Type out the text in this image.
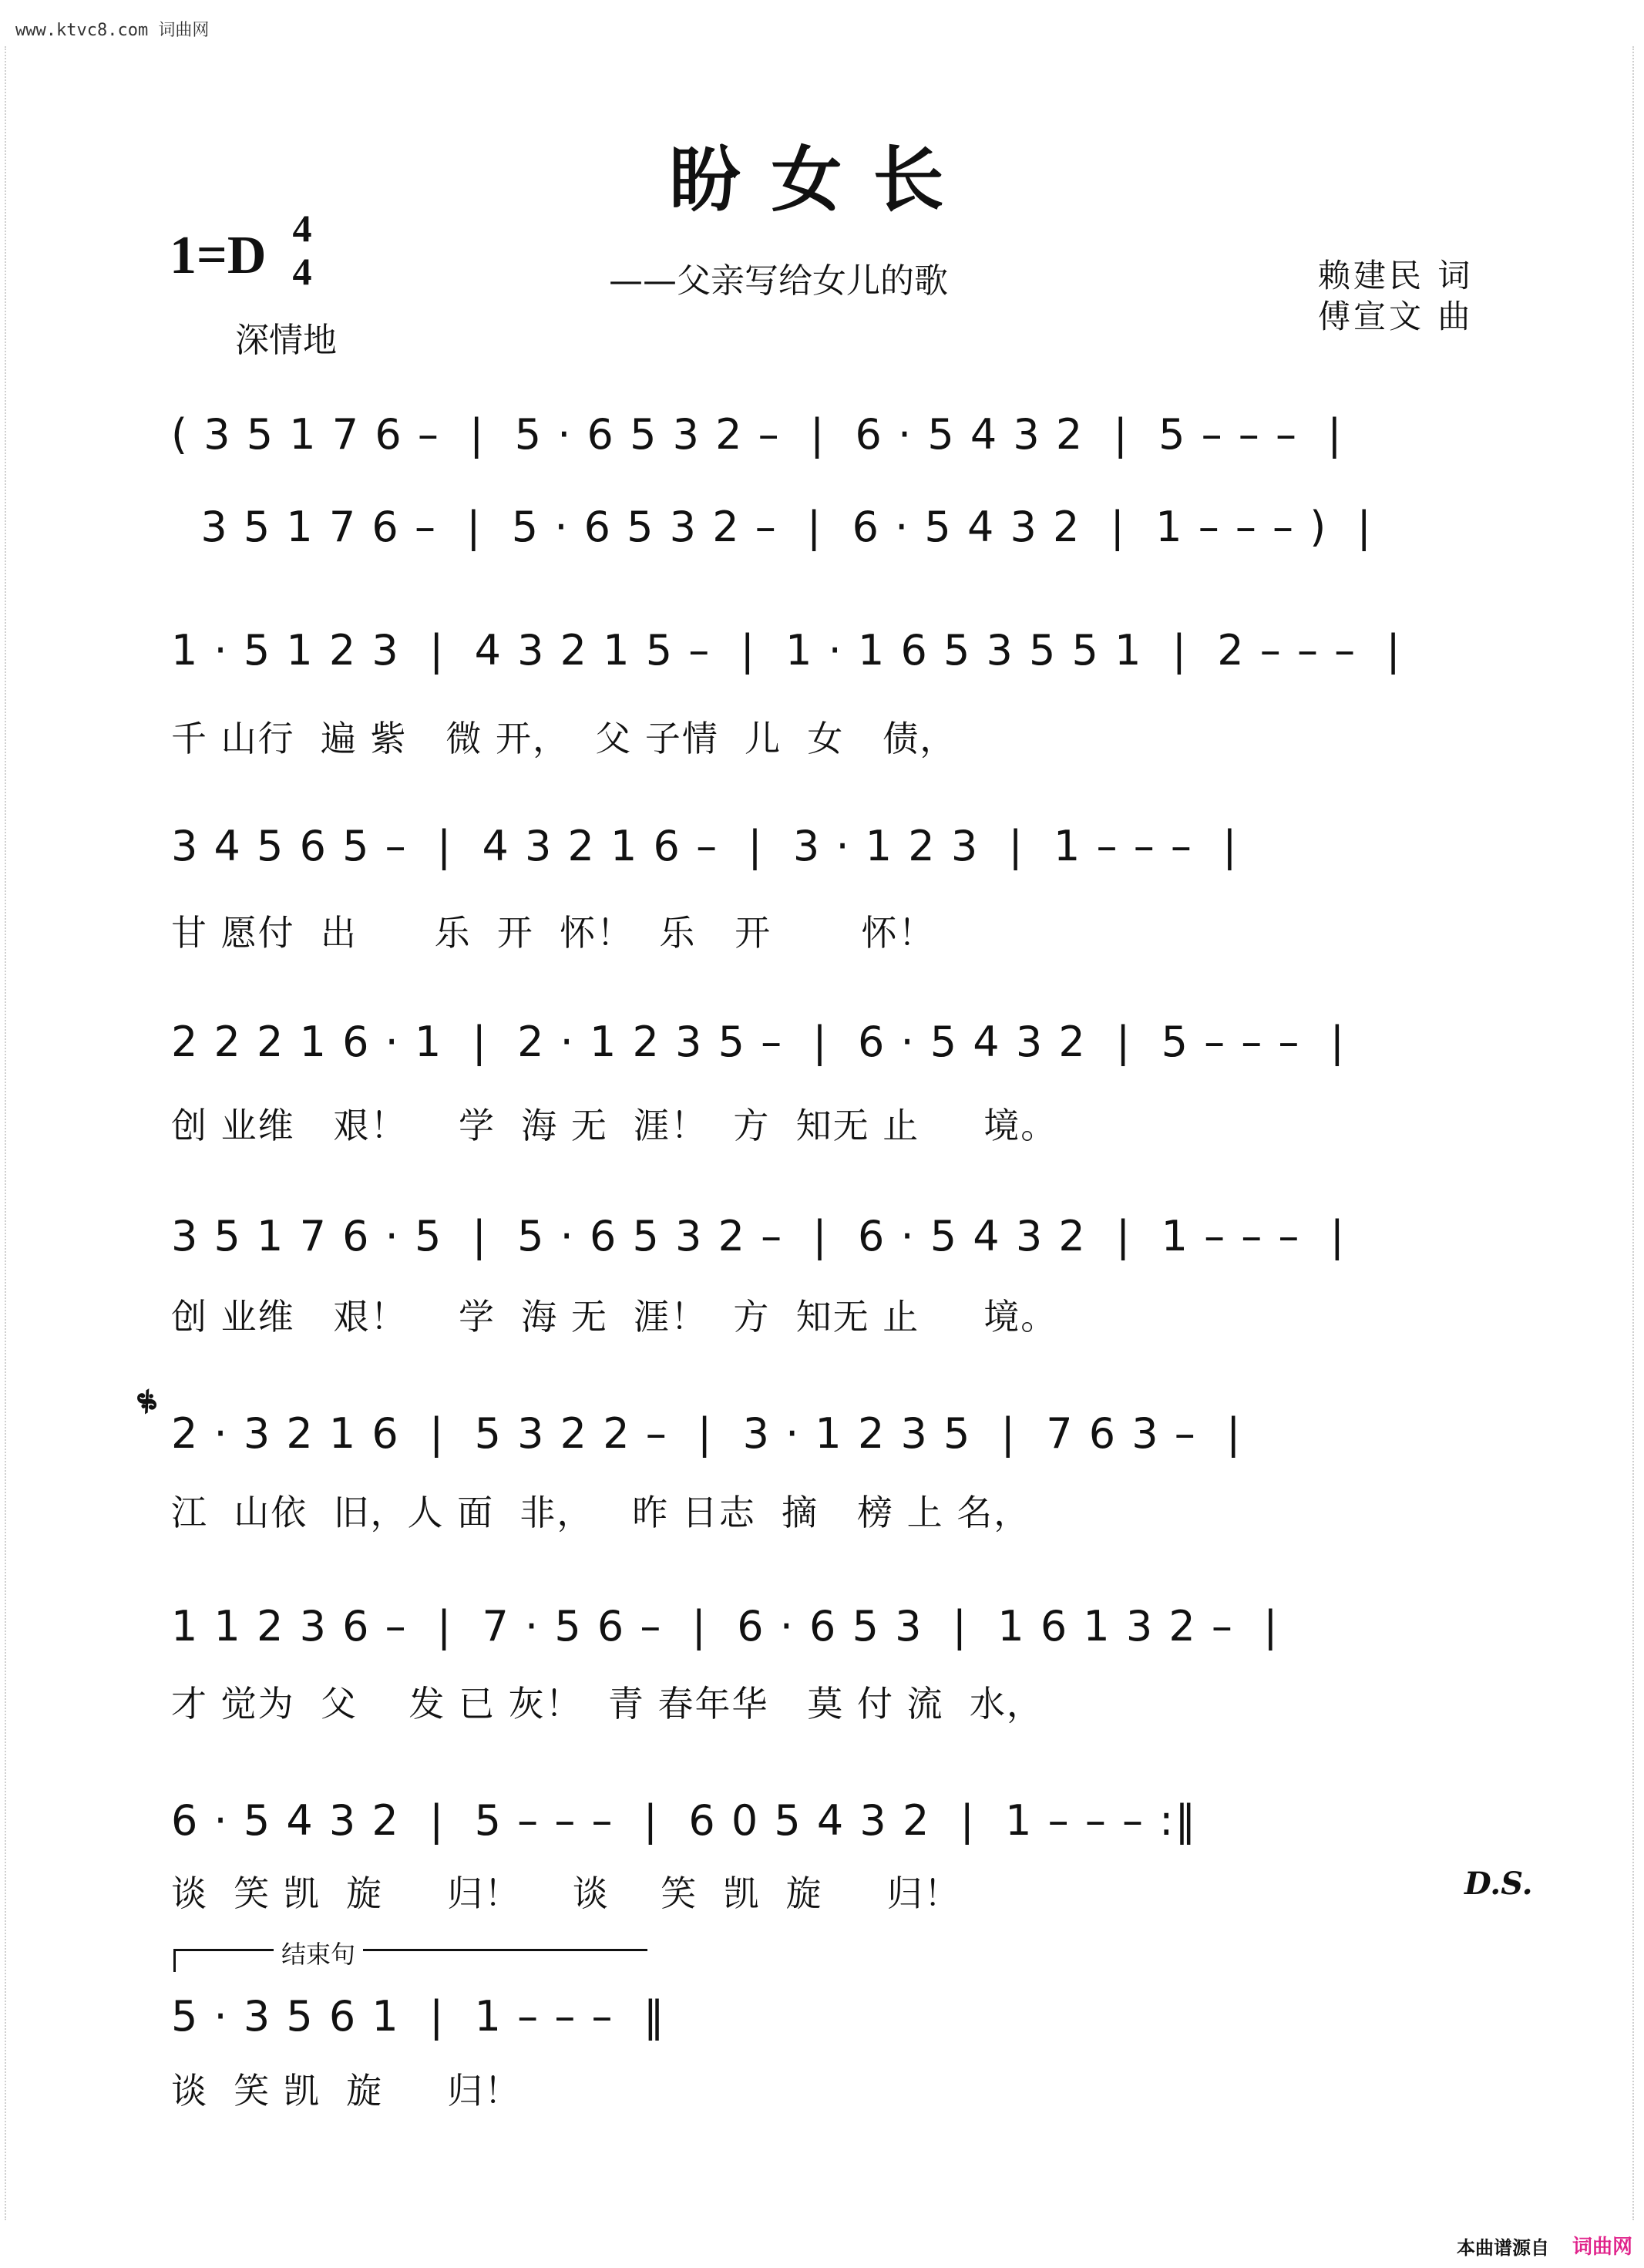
www.ktvc8.com 词曲网
盼女长
1=D 4
4
深情地
——父亲写给女儿的歌	赖建民 词
傅宣文 曲
( 3 5 1 7 6 –  |  5 · 6 5 3 2 –  |  6 · 5 4 3 2  |  5 – – –  |
3 5 1 7 6 –  |  5 · 6 5 3 2 –  |  6 · 5 4 3 2  |  1 – – – )  |
1 · 5 1 2 3  |  4 3 2 1 5 –  |  1 · 1 6 5 3 5 5 1  |  2 – – –  |
千 山行  遍 紫   微 开，  父 子情  儿  女   债，
3 4 5 6 5 –  |  4 3 2 1 6 –  |  3 · 1 2 3  |  1 – – –  |
甘 愿付  出      乐  开  怀！  乐   开       怀！
2 2 2 1 6 · 1  |  2 · 1 2 3 5 –  |  6 · 5 4 3 2  |  5 – – –  |
创 业维   艰！    学  海 无  涯！  方  知无 止     境。
3 5 1 7 6 · 5  |  5 · 6 5 3 2 –  |  6 · 5 4 3 2  |  1 – – –  |
创 业维   艰！    学  海 无  涯！  方  知无 止     境。
𝄋
2 · 3 2 1 6  |  5 3 2 2 –  |  3 · 1 2 3 5  |  7 6 3 –  |
江  山依  旧，人 面  非，   昨 日志  摘   榜 上 名，
1 1 2 3 6 –  |  7 · 5 6 –  |  6 · 6 5 3  |  1 6 1 3 2 –  |
才 觉为  父    发 已 灰！  青 春年华   莫 付 流  水，
6 · 5 4 3 2  |  5 – – –  |  6 0 5 4 3 2  |  1 – – – :‖
谈  笑 凯  旋     归！    谈    笑  凯  旋     归！	D.S.
结束句
5 · 3 5 6 1  |  1 – – –  ‖
谈  笑 凯  旋     归！
本曲谱源自 词曲网
